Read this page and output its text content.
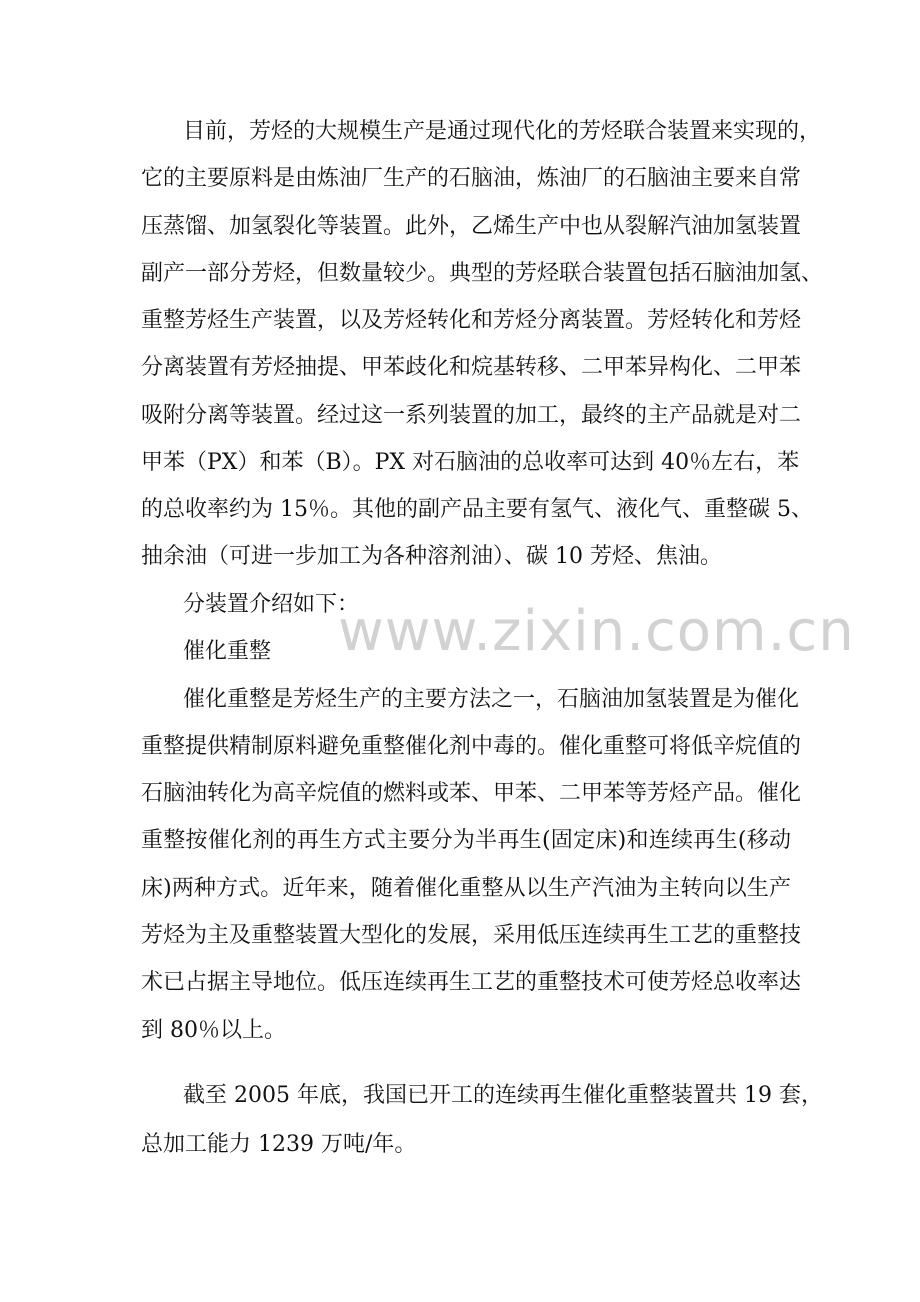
www.zixin.com.cn
目前，芳烃的大规模生产是通过现代化的芳烃联合装置来实现的，
它的主要原料是由炼油厂生产的石脑油，炼油厂的石脑油主要来自常
压蒸馏、加氢裂化等装置。此外，乙烯生产中也从裂解汽油加氢装置
副产一部分芳烃，但数量较少。典型的芳烃联合装置包括石脑油加氢、
重整芳烃生产装置，以及芳烃转化和芳烃分离装置。芳烃转化和芳烃
分离装置有芳烃抽提、甲苯歧化和烷基转移、二甲苯异构化、二甲苯
吸附分离等装置。经过这一系列装置的加工，最终的主产品就是对二
甲苯（PX）和苯（B）。PX 对石脑油的总收率可达到 40％左右，苯
的总收率约为 15％。其他的副产品主要有氢气、液化气、重整碳 5、
抽余油（可进一步加工为各种溶剂油）、碳 10 芳烃、焦油。
分装置介绍如下：
催化重整
催化重整是芳烃生产的主要方法之一，石脑油加氢装置是为催化
重整提供精制原料避免重整催化剂中毒的。催化重整可将低辛烷值的
石脑油转化为高辛烷值的燃料或苯、甲苯、二甲苯等芳烃产品。催化
重整按催化剂的再生方式主要分为半再生(固定床)和连续再生(移动
床)两种方式。近年来，随着催化重整从以生产汽油为主转向以生产
芳烃为主及重整装置大型化的发展，采用低压连续再生工艺的重整技
术已占据主导地位。低压连续再生工艺的重整技术可使芳烃总收率达
到 80％以上。
截至 2005 年底，我国已开工的连续再生催化重整装置共 19 套，
总加工能力 1239 万吨/年。
